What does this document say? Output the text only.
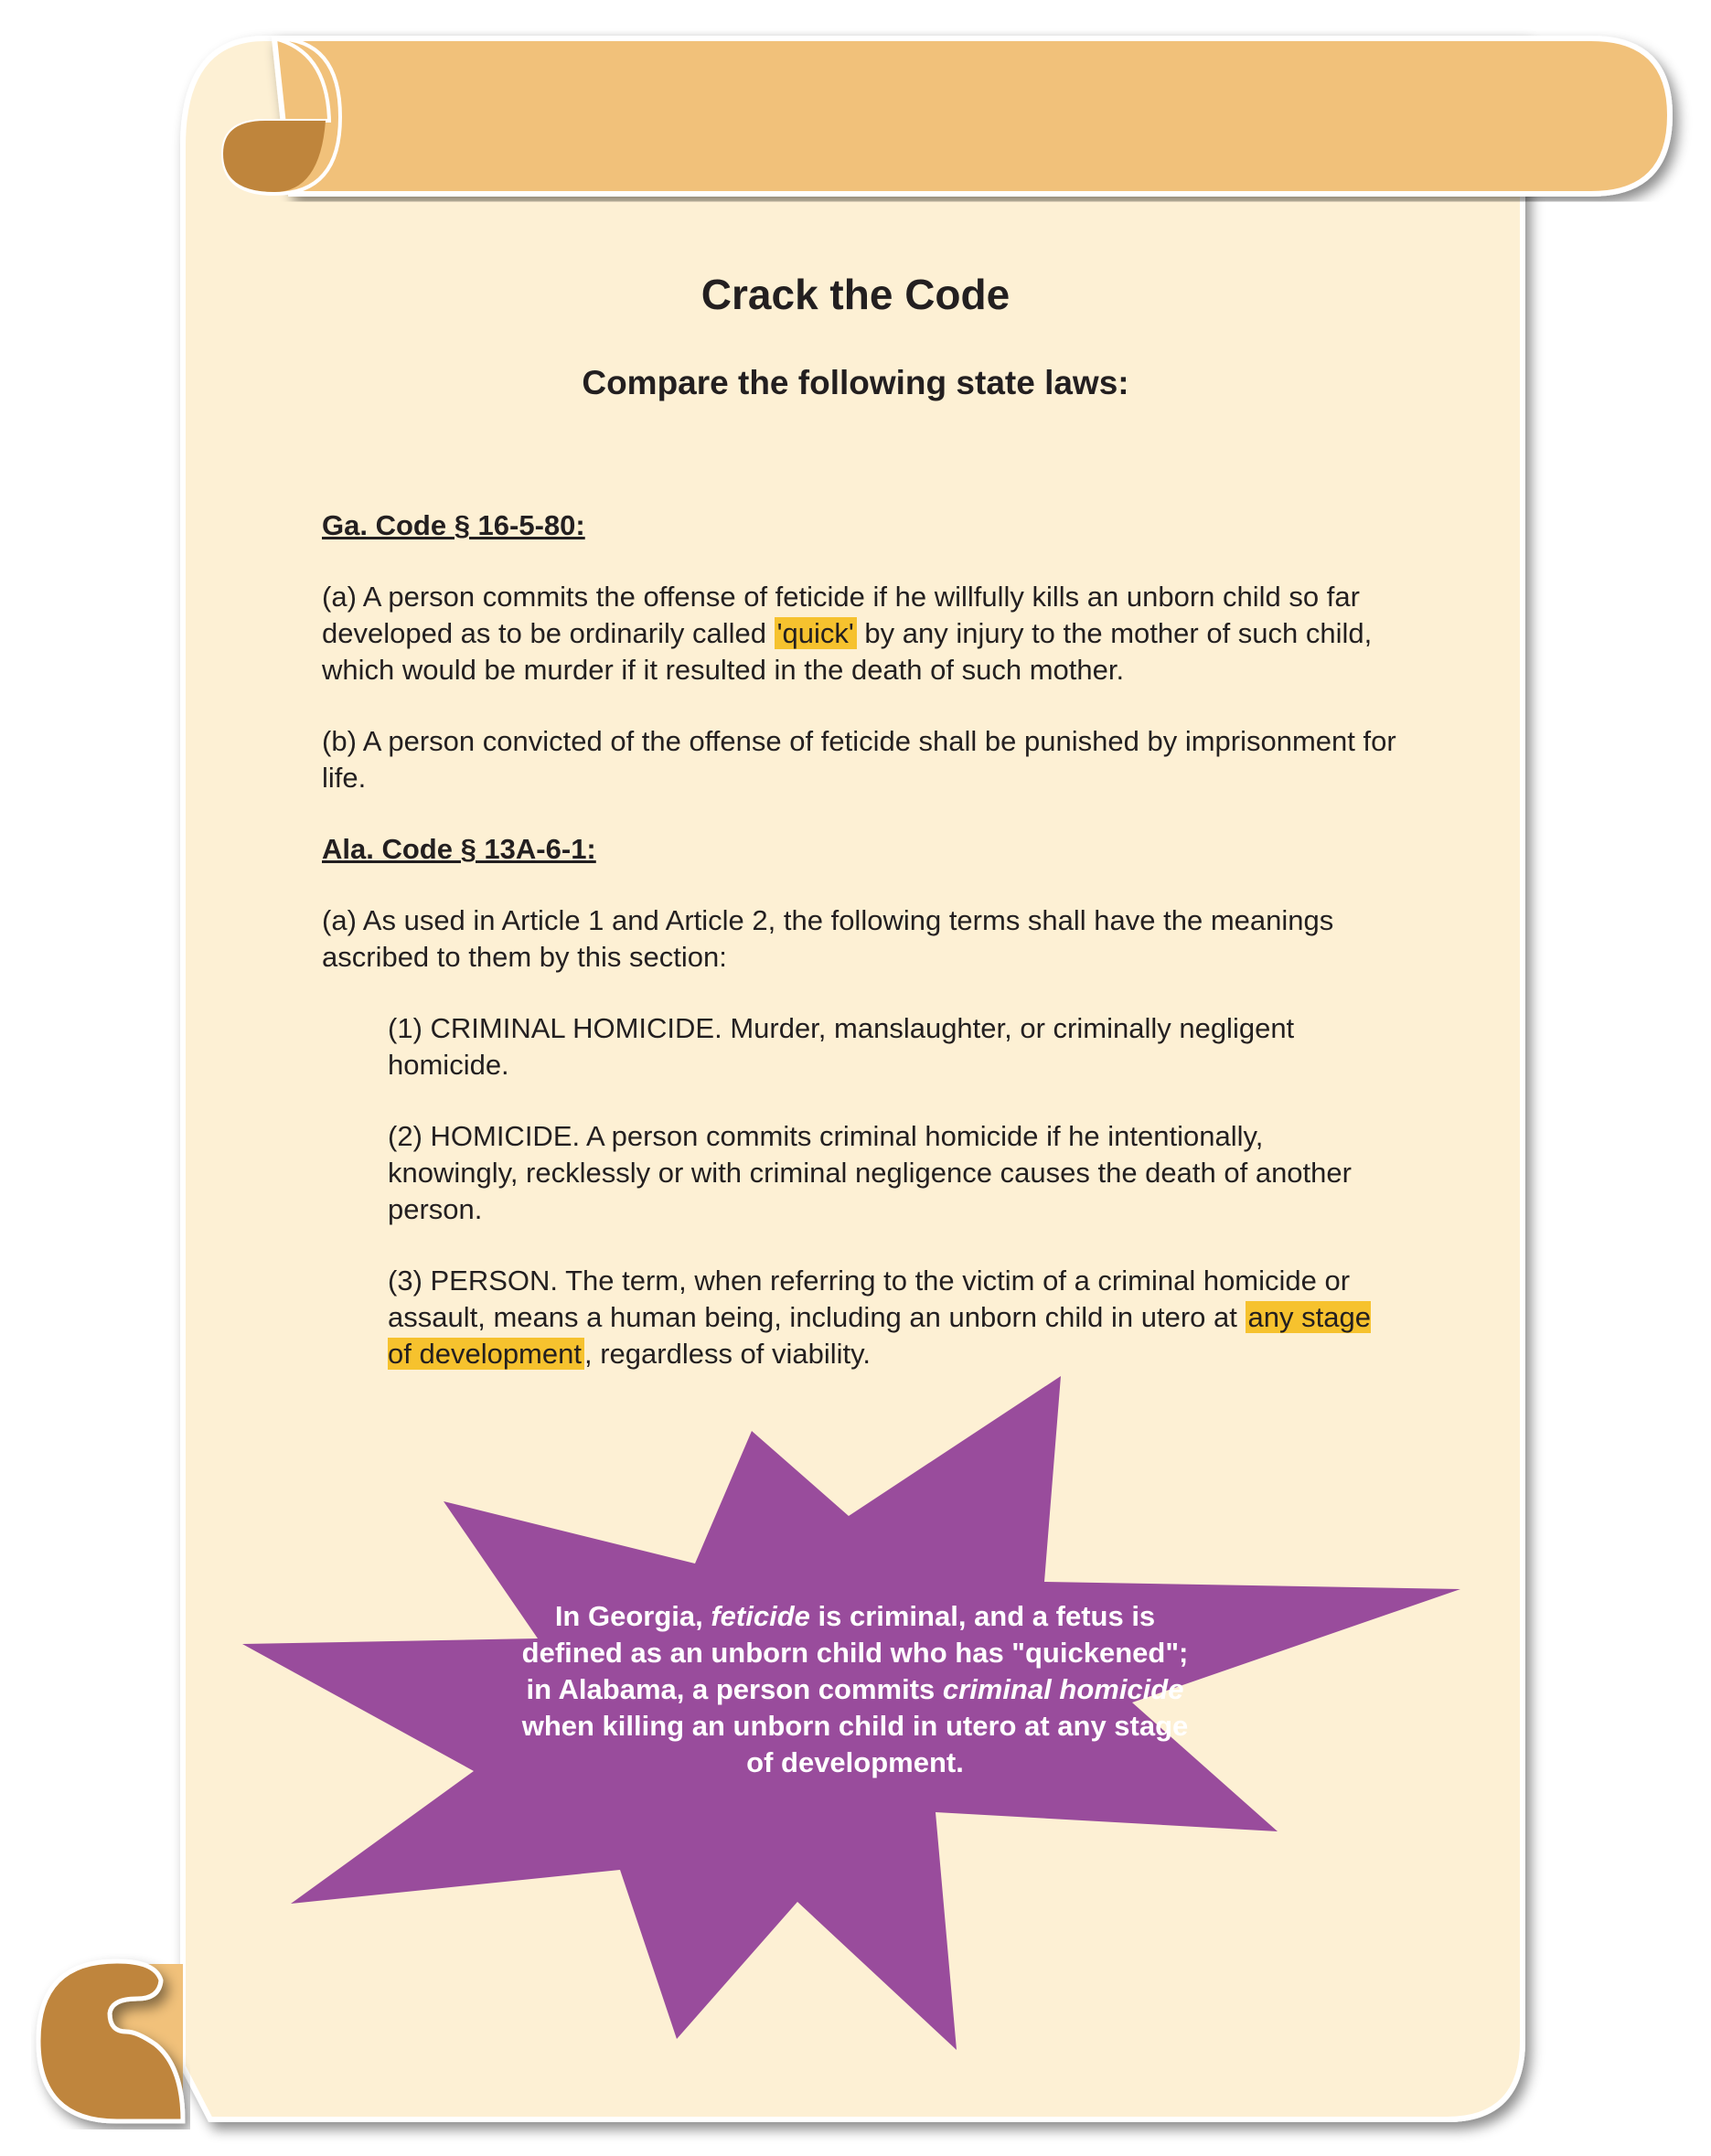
Crack the Code
Compare the following state laws:

Ga. Code § 16-5-80:

(a) A person commits the offense of feticide if he willfully kills an unborn child so far developed as to be ordinarily called 'quick' by any injury to the mother of such child, which would be murder if it resulted in the death of such mother.

(b) A person convicted of the offense of feticide shall be punished by imprisonment for life.

Ala. Code § 13A-6-1:

(a) As used in Article 1 and Article 2, the following terms shall have the meanings ascribed to them by this section:

(1) CRIMINAL HOMICIDE. Murder, manslaughter, or criminally negligent homicide.

(2) HOMICIDE. A person commits criminal homicide if he intentionally, knowingly, recklessly or with criminal negligence causes the death of another person.

(3) PERSON. The term, when referring to the victim of a criminal homicide or assault, means a human being, including an unborn child in utero at any stage of development, regardless of viability.

In Georgia, feticide is criminal, and a fetus is defined as an unborn child who has "quickened"; in Alabama, a person commits criminal homicide when killing an unborn child in utero at any stage of development.
